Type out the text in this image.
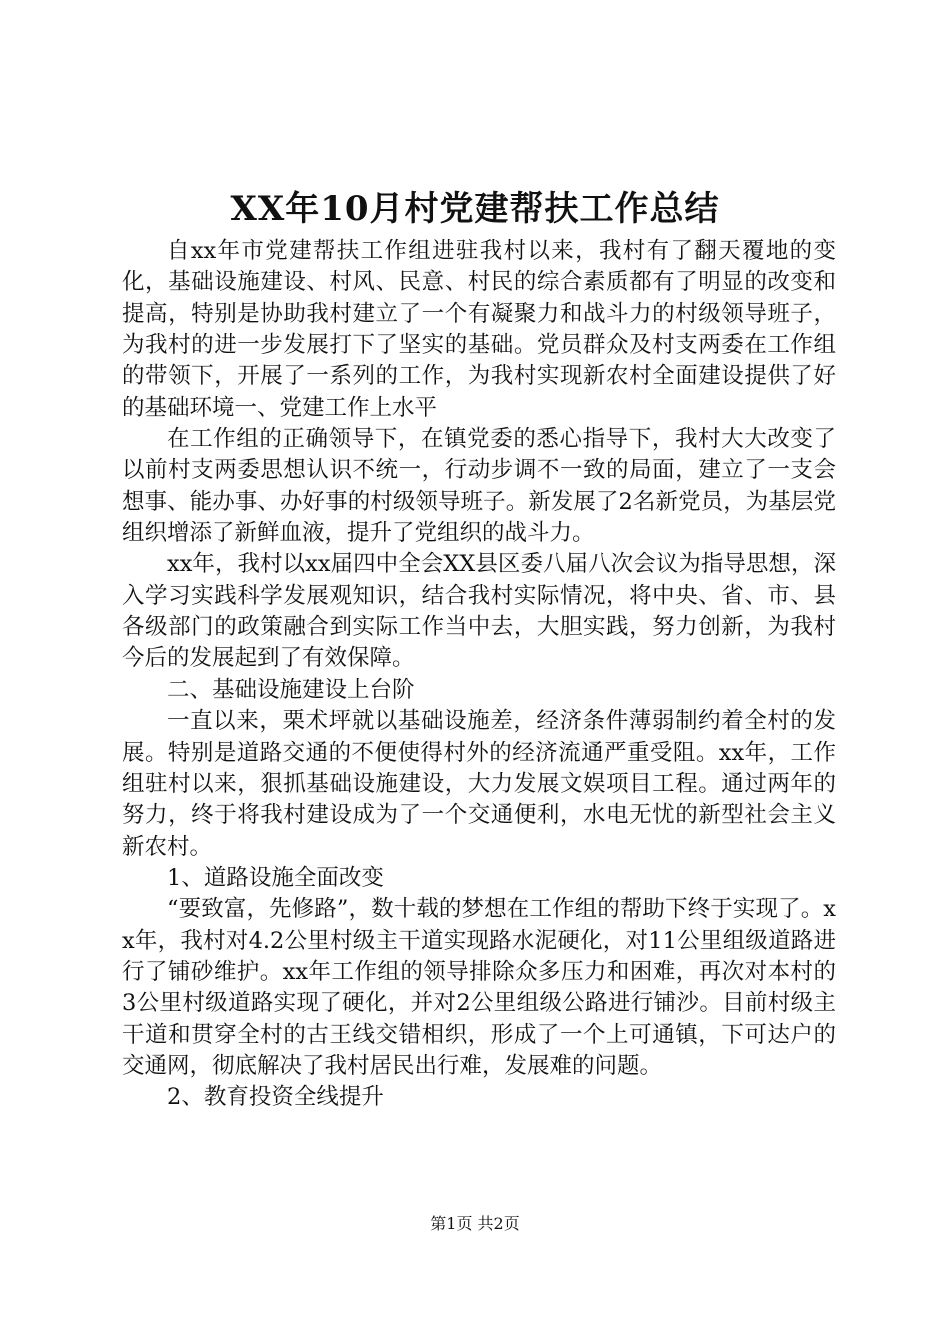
XX年10月村党建帮扶工作总结

自xx年市党建帮扶工作组进驻我村以来，我村有了翻天覆地的变化，基础设施建设、村风、民意、村民的综合素质都有了明显的改变和提高，特别是协助我村建立了一个有凝聚力和战斗力的村级领导班子，为我村的进一步发展打下了坚实的基础。党员群众及村支两委在工作组的带领下，开展了一系列的工作，为我村实现新农村全面建设提供了好的基础环境一、党建工作上水平

在工作组的正确领导下，在镇党委的悉心指导下，我村大大改变了以前村支两委思想认识不统一，行动步调不一致的局面，建立了一支会想事、能办事、办好事的村级领导班子。新发展了2名新党员，为基层党组织增添了新鲜血液，提升了党组织的战斗力。

xx年，我村以xx届四中全会XX县区委八届八次会议为指导思想，深入学习实践科学发展观知识，结合我村实际情况，将中央、省、市、县各级部门的政策融合到实际工作当中去，大胆实践，努力创新，为我村今后的发展起到了有效保障。

二、基础设施建设上台阶

一直以来，栗术坪就以基础设施差，经济条件薄弱制约着全村的发展。特别是道路交通的不便使得村外的经济流通严重受阻。xx年，工作组驻村以来，狠抓基础设施建设，大力发展文娱项目工程。通过两年的努力，终于将我村建设成为了一个交通便利，水电无忧的新型社会主义新农村。

1、道路设施全面改变

“要致富，先修路”，数十载的梦想在工作组的帮助下终于实现了。xx年，我村对4.2公里村级主干道实现路水泥硬化，对11公里组级道路进行了铺砂维护。xx年工作组的领导排除众多压力和困难，再次对本村的3公里村级道路实现了硬化，并对2公里组级公路进行铺沙。目前村级主干道和贯穿全村的古王线交错相织，形成了一个上可通镇，下可达户的交通网，彻底解决了我村居民出行难，发展难的问题。

2、教育投资全线提升

第1页 共2页
